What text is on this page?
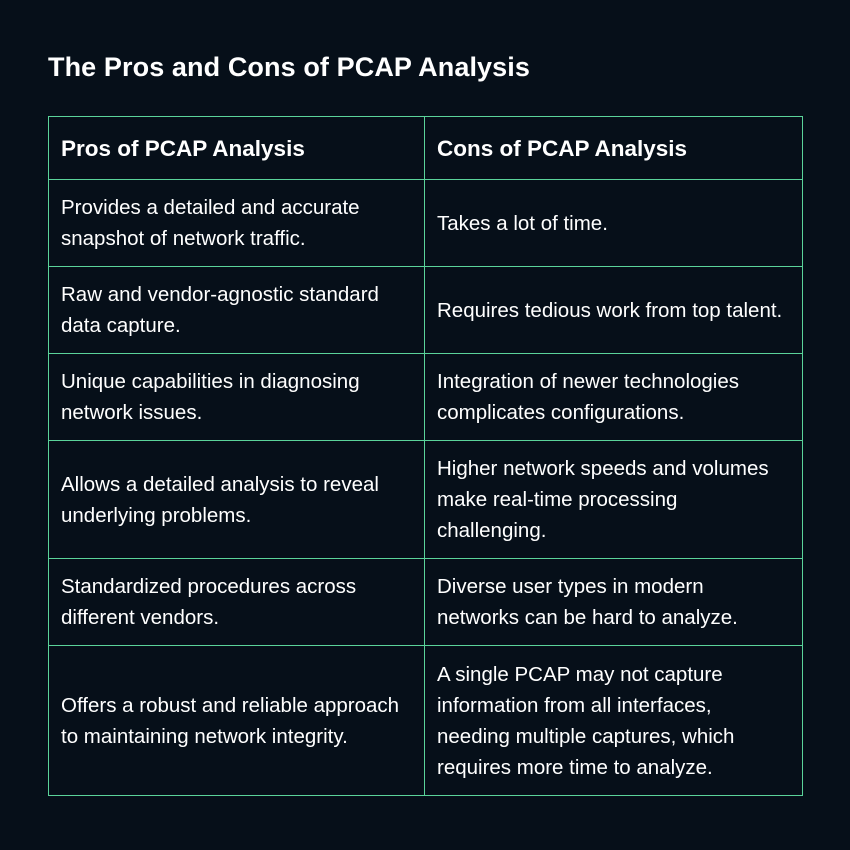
The Pros and Cons of PCAP Analysis
Pros of PCAP Analysis	Cons of PCAP Analysis
Provides a detailed and accurate snapshot of network traffic.	Takes a lot of time.
Raw and vendor-agnostic standard data capture.	Requires tedious work from top talent.
Unique capabilities in diagnosing network issues.	Integration of newer technologies complicates configurations.
Allows a detailed analysis to reveal underlying problems.	Higher network speeds and volumes make real-time processing challenging.
Standardized procedures across different vendors.	Diverse user types in modern networks can be hard to analyze.
Offers a robust and reliable approach to maintaining network integrity.	A single PCAP may not capture information from all interfaces, needing multiple captures, which requires more time to analyze.
